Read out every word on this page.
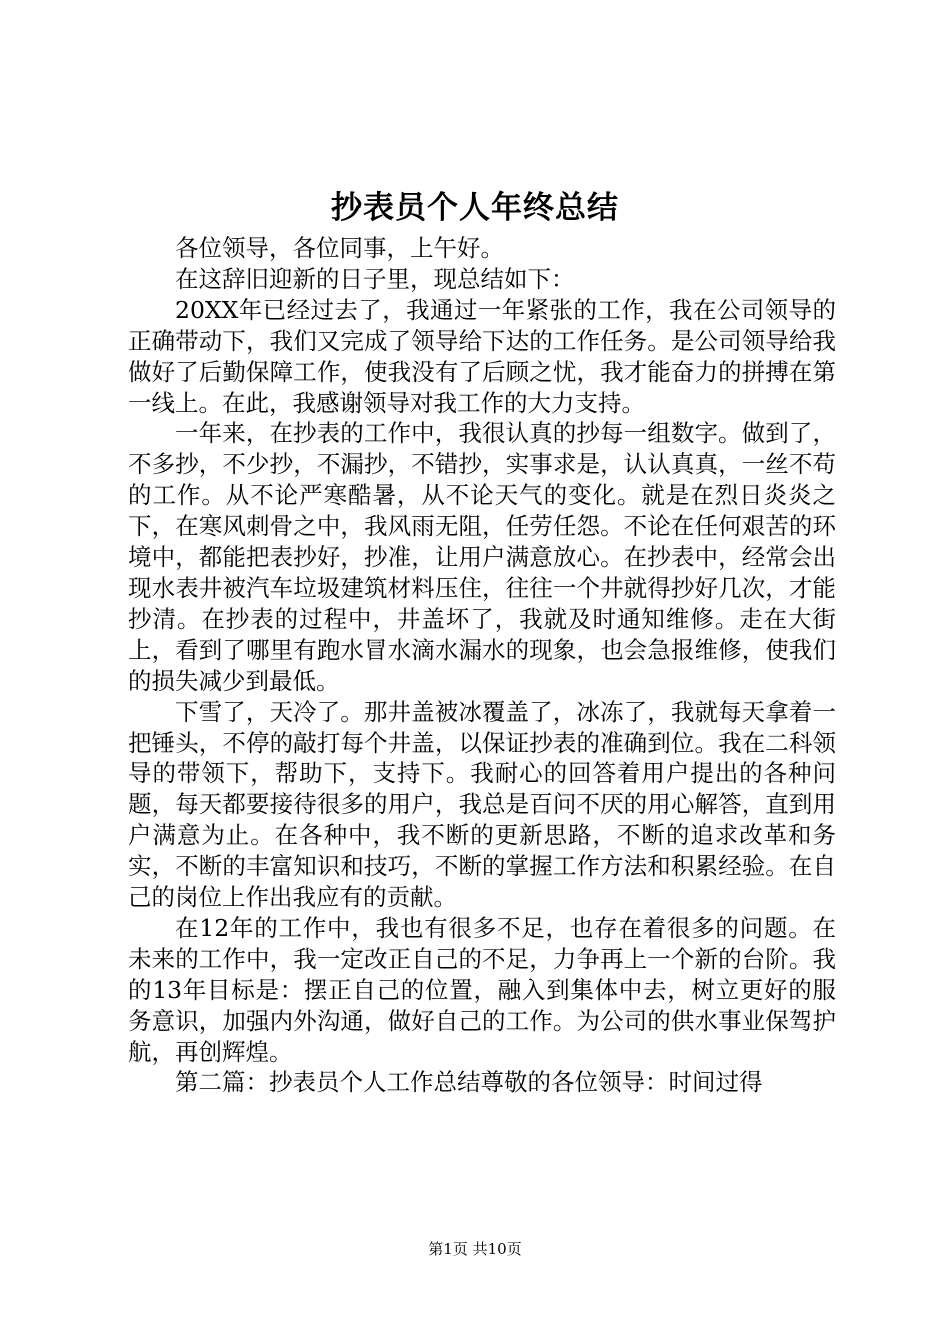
抄表员个人年终总结

各位领导，各位同事，上午好。

在这辞旧迎新的日子里，现总结如下：

20XX年已经过去了，我通过一年紧张的工作，我在公司领导的正确带动下，我们又完成了领导给下达的工作任务。是公司领导给我做好了后勤保障工作，使我没有了后顾之忧，我才能奋力的拼搏在第一线上。在此，我感谢领导对我工作的大力支持。

一年来，在抄表的工作中，我很认真的抄每一组数字。做到了，不多抄，不少抄，不漏抄，不错抄，实事求是，认认真真，一丝不苟的工作。从不论严寒酷暑，从不论天气的变化。就是在烈日炎炎之下，在寒风刺骨之中，我风雨无阻，任劳任怨。不论在任何艰苦的环境中，都能把表抄好，抄准，让用户满意放心。在抄表中，经常会出现水表井被汽车垃圾建筑材料压住，往往一个井就得抄好几次，才能抄清。在抄表的过程中，井盖坏了，我就及时通知维修。走在大街上，看到了哪里有跑水冒水滴水漏水的现象，也会急报维修，使我们的损失减少到最低。

下雪了，天冷了。那井盖被冰覆盖了，冰冻了，我就每天拿着一把锤头，不停的敲打每个井盖，以保证抄表的准确到位。我在二科领导的带领下，帮助下，支持下。我耐心的回答着用户提出的各种问题，每天都要接待很多的用户，我总是百问不厌的用心解答，直到用户满意为止。在各种中，我不断的更新思路，不断的追求改革和务实，不断的丰富知识和技巧，不断的掌握工作方法和积累经验。在自己的岗位上作出我应有的贡献。

在12年的工作中，我也有很多不足，也存在着很多的问题。在未来的工作中，我一定改正自己的不足，力争再上一个新的台阶。我的13年目标是：摆正自己的位置，融入到集体中去，树立更好的服务意识，加强内外沟通，做好自己的工作。为公司的供水事业保驾护航，再创辉煌。

第二篇：抄表员个人工作总结尊敬的各位领导：时间过得

第1页 共10页
